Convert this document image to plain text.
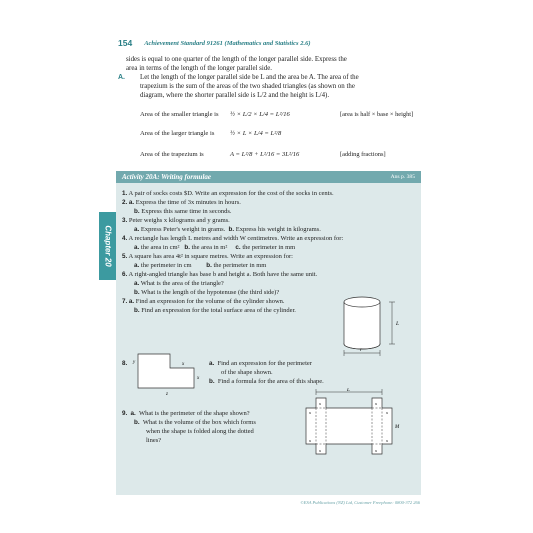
154 Achievement Standard 91261 (Mathematics and Statistics 2.6)
sides is equal to one quarter of the length of the longer parallel side. Express the
area in terms of the length of the longer parallel side.
A. Let the length of the longer parallel side be L and the area be A. The area of the
trapezium is the sum of the areas of the two shaded triangles (as shown on the
diagram, where the shorter parallel side is L/2 and the height is L/4).
Area of the smaller triangle is	½ × L/2 × L/4 = L²/16	[area is half × base × height]
Area of the larger triangle is	½ × L × L/4 = L²/8
Area of the trapezium is	A = L²/8 + L²/16 = 3L²/16	[adding fractions]
Chapter 20
Activity 20A: Writing formulae	Ans p. 385
1. A pair of socks costs $D. Write an expression for the cost of the socks in cents.
2. a. Express the time of 3x minutes in hours.
b. Express this same time in seconds.
3. Peter weighs x kilograms and y grams.
a. Express Peter's weight in grams. b. Express his weight in kilograms.
4. A rectangle has length L metres and width W centimetres. Write an expression for:
a. the area in cm² b. the area in m² c. the perimeter in mm
5. A square has area 4t² in square metres. Write an expression for:
a. the perimeter in cm b. the perimeter in mm
6. A right-angled triangle has base b and height a. Both have the same unit.
a. What is the area of the triangle?
b. What is the length of the hypotenuse (the third side)?
7. a. Find an expression for the volume of the cylinder shown.
b. Find an expression for the total surface area of the cylinder.
L
r
8. y	x
x
z
a. Find an expression for the perimeter
of the shape shown.
b. Find a formula for the area of this shape.
9. a. What is the perimeter of the shape shown?
b. What is the volume of the box which forms
when the shape is folded along the dotted
lines?
L
M
x	x
x	x
x	x
x	x
©ESA Publications (NZ) Ltd, Customer Freephone: 0800-372 266
